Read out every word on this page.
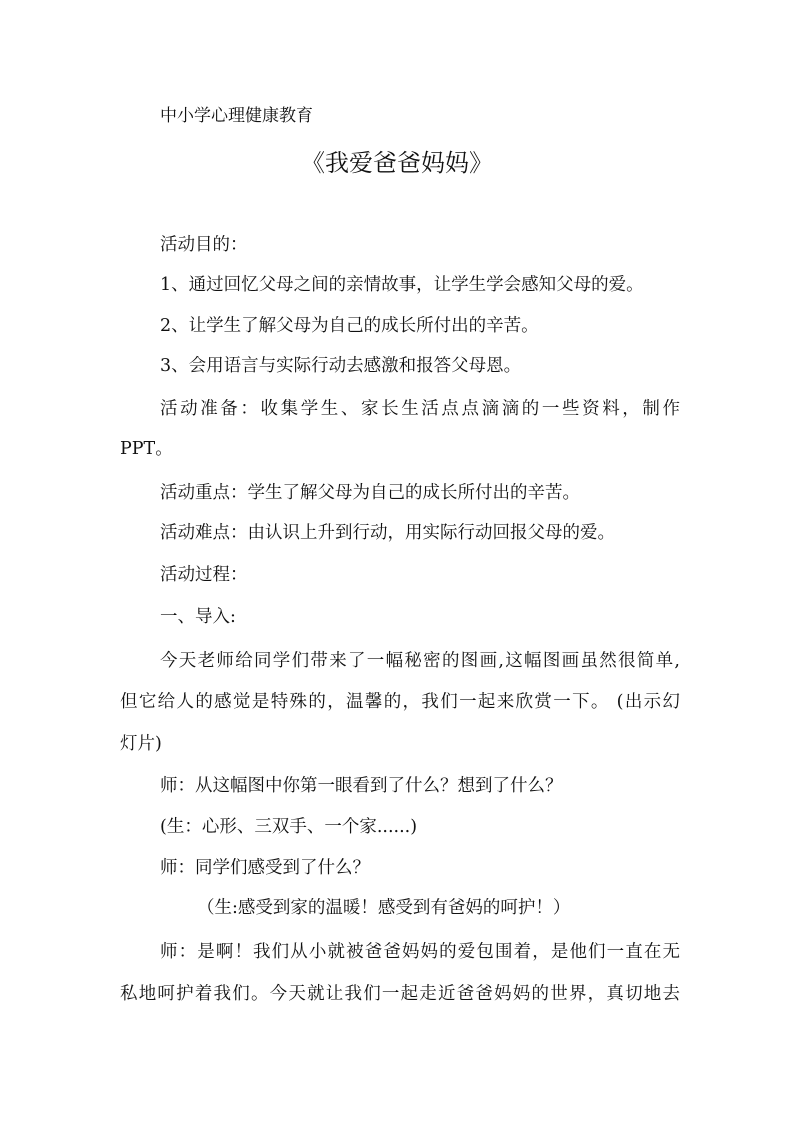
中小学心理健康教育
《我爱爸爸妈妈》
活动目的：
1、通过回忆父母之间的亲情故事，让学生学会感知父母的爱。
2、让学生了解父母为自己的成长所付出的辛苦。
3、会用语言与实际行动去感激和报答父母恩。
活动准备：收集学生、家长生活点点滴滴的一些资料，制作
PPT。
活动重点：学生了解父母为自己的成长所付出的辛苦。
活动难点：由认识上升到行动，用实际行动回报父母的爱。
活动过程：
一、导入:
今天老师给同学们带来了一幅秘密的图画,这幅图画虽然很简单,
但它给人的感觉是特殊的，温馨的，我们一起来欣赏一下。 (出示幻
灯片)
师：从这幅图中你第一眼看到了什么？想到了什么？
(生：心形、三双手、一个家......)
师：同学们感受到了什么？
（生:感受到家的温暖！感受到有爸妈的呵护！）
师：是啊！我们从小就被爸爸妈妈的爱包围着，是他们一直在无
私地呵护着我们。今天就让我们一起走近爸爸妈妈的世界，真切地去
